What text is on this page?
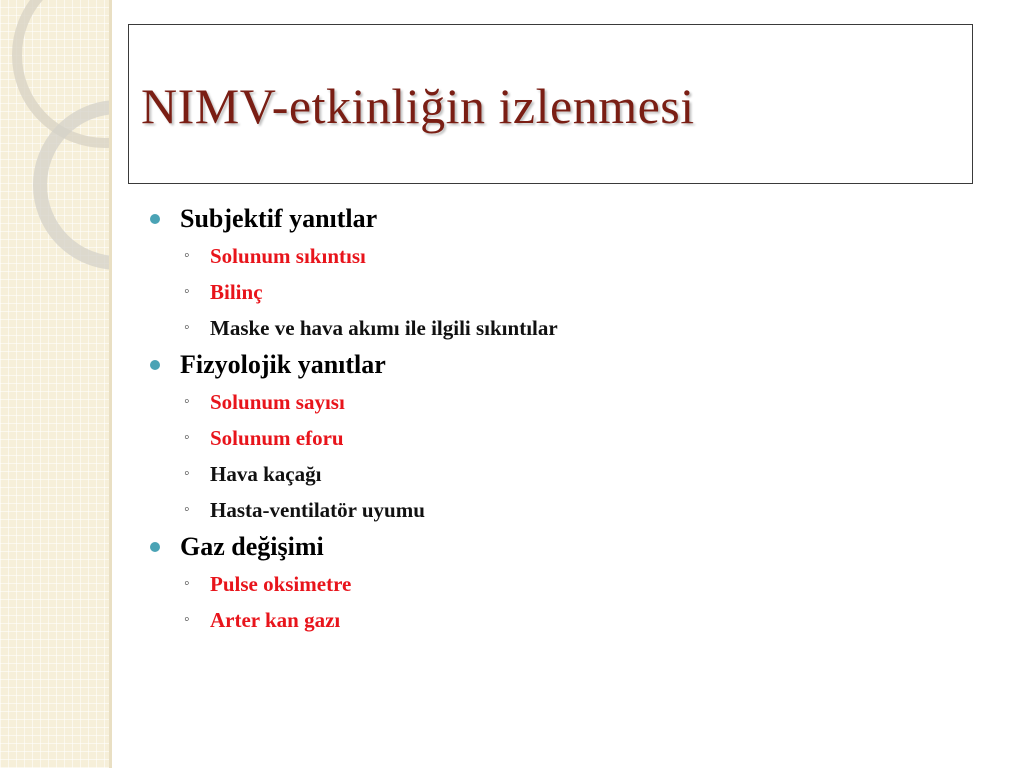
NIMV-etkinliğin izlenmesi
Subjektif yanıtlar
◦ Solunum sıkıntısı
◦ Bilinç
◦ Maske ve hava akımı ile ilgili sıkıntılar
Fizyolojik yanıtlar
◦ Solunum sayısı
◦ Solunum eforu
◦ Hava kaçağı
◦ Hasta-ventilatör uyumu
Gaz değişimi
◦ Pulse oksimetre
◦ Arter kan gazı
